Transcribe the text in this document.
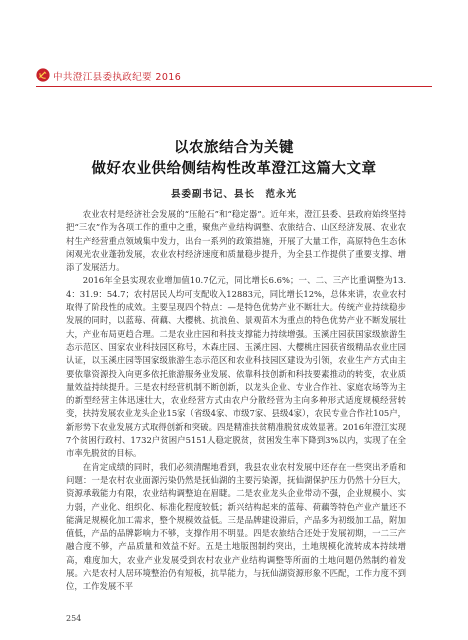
中共澄江县委执政纪要 2016
以农旅结合为关键
做好农业供给侧结构性改革澄江这篇大文章
县委副书记、县长　范永光

农业农村是经济社会发展的“压舱石”和“稳定器”。近年来，澄江县委、县政府始终坚持把“三农”作为各项工作的重中之重，聚焦产业结构调整、农旅结合、山区经济发展、农业农村生产经营重点领域集中发力，出台一系列的政策措施，开展了大量工作，高原特色生态休闲观光农业蓬勃发展，农业农村经济速度和质量稳步提升，为全县工作提供了重要支撑、增添了发展活力。

2016年全县实现农业增加值10.7亿元，同比增长6.6%；一、二、三产比重调整为13.4：31.9：54.7；农村居民人均可支配收入12883元，同比增长12%，总体来讲，农业农村取得了阶段性的成效。主要呈现四个特点：—是特色优势产业不断壮大。传统产业持续稳步发展的同时，以蓝莓、荷藕、大樱桃、抗浪鱼、景观苗木为重点的特色优势产业不断发展壮大，产业布局更趋合理。二是农业庄园和科技支撑能力持续增强。玉溪庄园获国家级旅游生态示范区、国家农业科技园区称号，木森庄园、玉溪庄园、大樱桃庄园获省级精品农业庄园认证，以玉溪庄园等国家级旅游生态示范区和农业科技园区建设为引领，农业生产方式由主要依靠资源投入向更多依托旅游服务业发展、依靠科技创新和科技要素推动的转变，农业质量效益持续提升。三是农村经营机制不断创新，以龙头企业、专业合作社、家庭农场等为主的新型经营主体迅速壮大，农业经营方式由农户分散经营为主向多种形式适度规模经营转变，扶持发展农业龙头企业15家（省级4家、市级7家、县级4家），农民专业合作社105户，新形势下农业发展方式取得创新和突破。四是精准扶贫精准脱贫成效显著。2016年澄江实现7个贫困行政村、1732户贫困户5151人稳定脱贫，贫困发生率下降到3%以内，实现了在全市率先脱贫的目标。

在肯定成绩的同时，我们必须清醒地看到，我县农业农村发展中还存在一些突出矛盾和问题：一是农村农业面源污染仍然是抚仙湖的主要污染源，抚仙湖保护压力仍然十分巨大，资源承载能力有限，农业结构调整迫在眉睫。二是农业龙头企业带动不强，企业规模小、实力弱，产业化、组织化、标准化程度较低；新兴结构起来的蓝莓、荷藕等特色产业产量还不能满足规模化加工需求，整个规模效益低。三是品牌建设滞后，产品多为初级加工品，附加值低，产品的品牌影响力不够，支撑作用不明显。四是农旅结合还处于发展初期，一二三产融合度不够，产品质量和效益不好。五是土地版图制约突出，土地规模化流转成本持续增高，难度加大，农业产业发展受到农村农业产业结构调整等所面的土地问题仍然制约着发展。六是农村人居环境整治仍有短板，抗旱能力，与抚仙湖资源形象不匹配，工作力度不到位，工作发展不平

254
